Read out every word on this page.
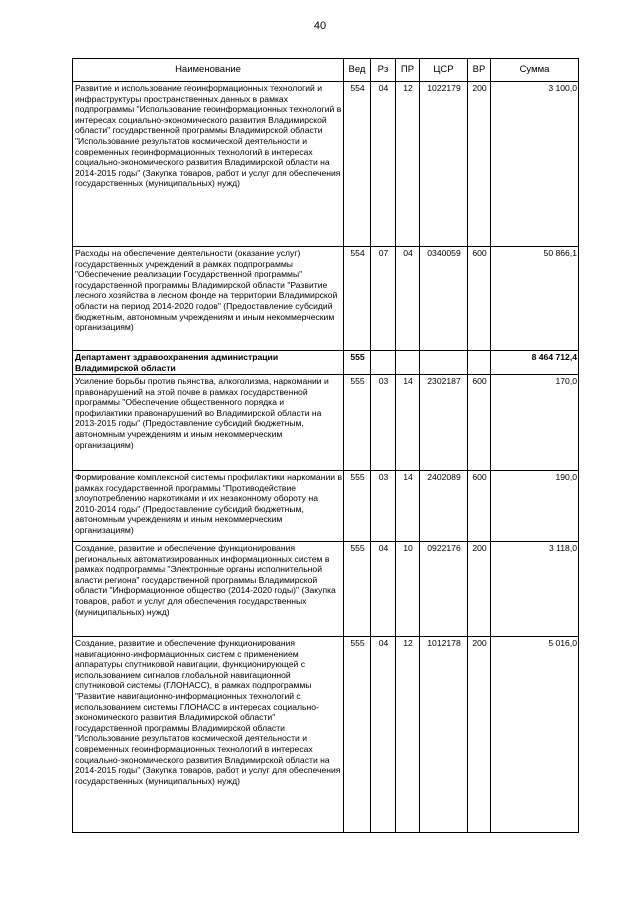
40
Наименование	Вед	Рз	ПР	ЦСР	ВР	Сумма
Развитие и использование геоинформационных технологий и инфраструктуры пространственных данных в рамках подпрограммы "Использование геоинформационных технологий в интересах социально-экономического развития Владимирской области" государственной программы Владимирской области "Использование результатов космической деятельности и современных геоинформационных технологий в интересах социально-экономического развития Владимирской области на 2014-2015 годы" (Закупка товаров, работ и услуг для обеспечения государственных (муниципальных) нужд)	554	04	12	1022179	200	3 100,0
Расходы на обеспечение деятельности (оказание услуг) государственных учреждений в рамках подпрограммы "Обеспечение реализации Государственной программы" государственной программы Владимирской области "Развитие лесного хозяйства в лесном фонде на территории Владимирской области на период 2014-2020 годов" (Предоставление субсидий бюджетным, автономным учреждениям и иным некоммерческим организациям)	554	07	04	0340059	600	50 866,1
Департамент здравоохранения администрации Владимирской области	555					8 464 712,4
Усиление борьбы против пьянства, алкоголизма, наркомании и правонарушений на этой почве в рамках государственной программы "Обеспечение общественного порядка и профилактики правонарушений во Владимирской области на 2013-2015 годы" (Предоставление субсидий бюджетным, автономным учреждениям и иным некоммерческим организациям)	555	03	14	2302187	600	170,0
Формирование комплексной системы профилактики наркомании в рамках государственной программы "Противодействие злоупотреблению наркотиками и их незаконному обороту на 2010-2014 годы" (Предоставление субсидий бюджетным, автономным учреждениям и иным некоммерческим организациям)	555	03	14	2402089	600	190,0
Создание, развитие и обеспечение функционирования региональных автоматизированных информационных систем в рамках подпрограммы "Электронные органы исполнительной власти региона" государственной программы Владимирской области "Информационное общество (2014-2020 годы)" (Закупка товаров, работ и услуг для обеспечения государственных (муниципальных) нужд)	555	04	10	0922176	200	3 118,0
Создание, развитие и обеспечение функционирования навигационно-информационных систем с применением аппаратуры спутниковой навигации, функционирующей с использованием сигналов глобальной навигационной спутниковой системы (ГЛОНАСС), в рамках подпрограммы "Развитие навигационно-информационных технологий с использованием системы ГЛОНАСС в интересах социально-экономического развития Владимирской области" государственной программы Владимирской области "Использование результатов космической деятельности и современных геоинформационных технологий в интересах социально-экономического развития Владимирской области на 2014-2015 годы" (Закупка товаров, работ и услуг для обеспечения государственных (муниципальных) нужд)	555	04	12	1012178	200	5 016,0
